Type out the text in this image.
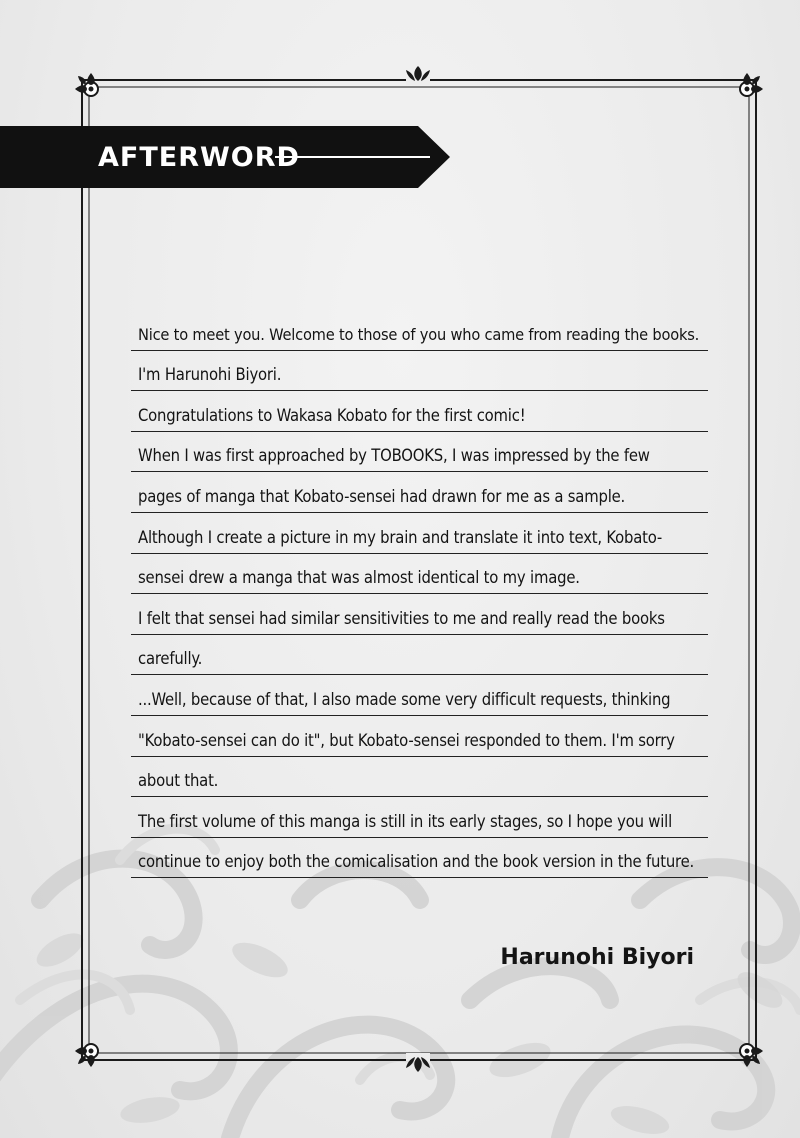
AFTERWORD
Nice to meet you. Welcome to those of you who came from reading the books.
I'm Harunohi Biyori.
Congratulations to Wakasa Kobato for the first comic!
When I was first approached by TOBOOKS, I was impressed by the few
pages of manga that Kobato-sensei had drawn for me as a sample.
Although I create a picture in my brain and translate it into text, Kobato-
sensei drew a manga that was almost identical to my image.
I felt that sensei had similar sensitivities to me and really read the books
carefully.
...Well, because of that, I also made some very difficult requests, thinking
"Kobato-sensei can do it", but Kobato-sensei responded to them. I'm sorry
about that.
The first volume of this manga is still in its early stages, so I hope you will
continue to enjoy both the comicalisation and the book version in the future.
Harunohi Biyori
